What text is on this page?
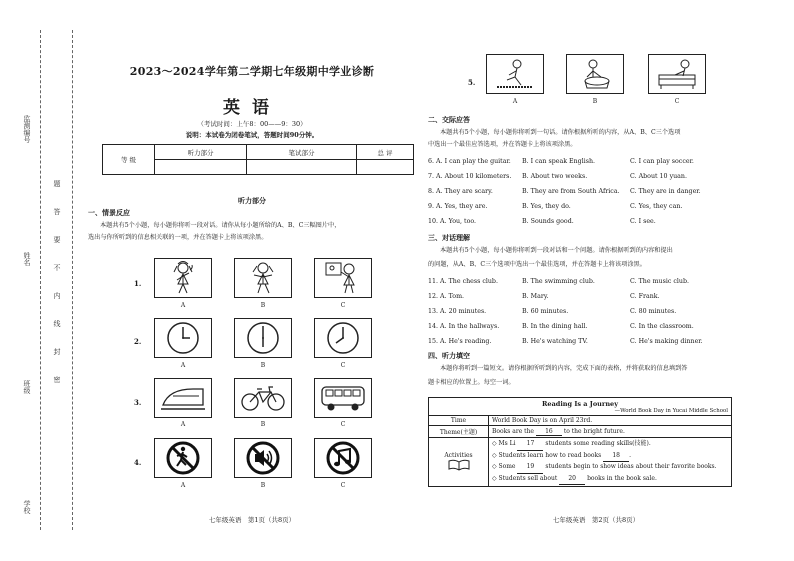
监测编号
姓名
班级
学校
题
答
要
不
内
线
封
密
2023～2024学年第二学期七年级期中学业诊断
英语
（考试时间：上午8：00——9：30）
说明：本试卷为闭卷笔试，答题时间90分钟。
等 级	听力部分	笔试部分	总 评

听力部分
一、情景反应
本题共有5个小题，每小题你将听一段对话。请你从每小题所给的A、B、C三幅图片中，
选出与你所听到的信息相关联的一项，并在答题卡上将该项涂黑。
1.
A	B	C
2.
A	B	C
3.
A	B	C
4.
A	B	C
七年级英语　第1页（共8页）
5.
A	B	C
二、交际应答
本题共有5个小题，每小题你将听到一句话。请你根据所听的内容，从A、B、C三个选项
中选出一个最佳应答选项，并在答题卡上将该项涂黑。
6. A. I can play the guitar. B. I can speak English.	C. I can play soccer.
7. A. About 10 kilometers. B. About two weeks.	C. About 10 yuan.
8. A. They are scary.	B. They are from South Africa. C. They are in danger.
9. A. Yes, they are.	B. Yes, they do.	C. Yes, they can.
10. A. You, too.	B. Sounds good.	C. I see.
三、对话理解
本题共有5个小题，每小题你将听到一段对话和一个问题。请你根据听到的内容和提出
的问题，从A、B、C三个选项中选出一个最佳选项，并在答题卡上将该项涂黑。
11. A. The chess club.	B. The swimming club.	C. The music club.
12. A. Tom.	B. Mary.	C. Frank.
13. A. 20 minutes.	B. 60 minutes.	C. 80 minutes.
14. A. In the hallways.	B. In the dining hall.	C. In the classroom.
15. A. He's reading.	B. He's watching TV.	C. He's making dinner.
四、听力填空
本题你将听到一篇短文。请你根据所听到的内容，完成下面的表格，并将获取的信息填到答
题卡相应的位置上。每空一词。
Reading Is a Journey
—World Book Day in Yucai Middle School	

Time	World Book Day is on April 23rd.
Theme(主题)	Books are the 16 to the bright future.

Activities	◇ Ms Li 17 students some reading skills(技能).
◇ Students learn how to read books 18 .
◇ Some 19 students begin to show ideas about their favorite books.
◇ Students sell about 20 books in the book sale.
七年级英语　第2页（共8页）
